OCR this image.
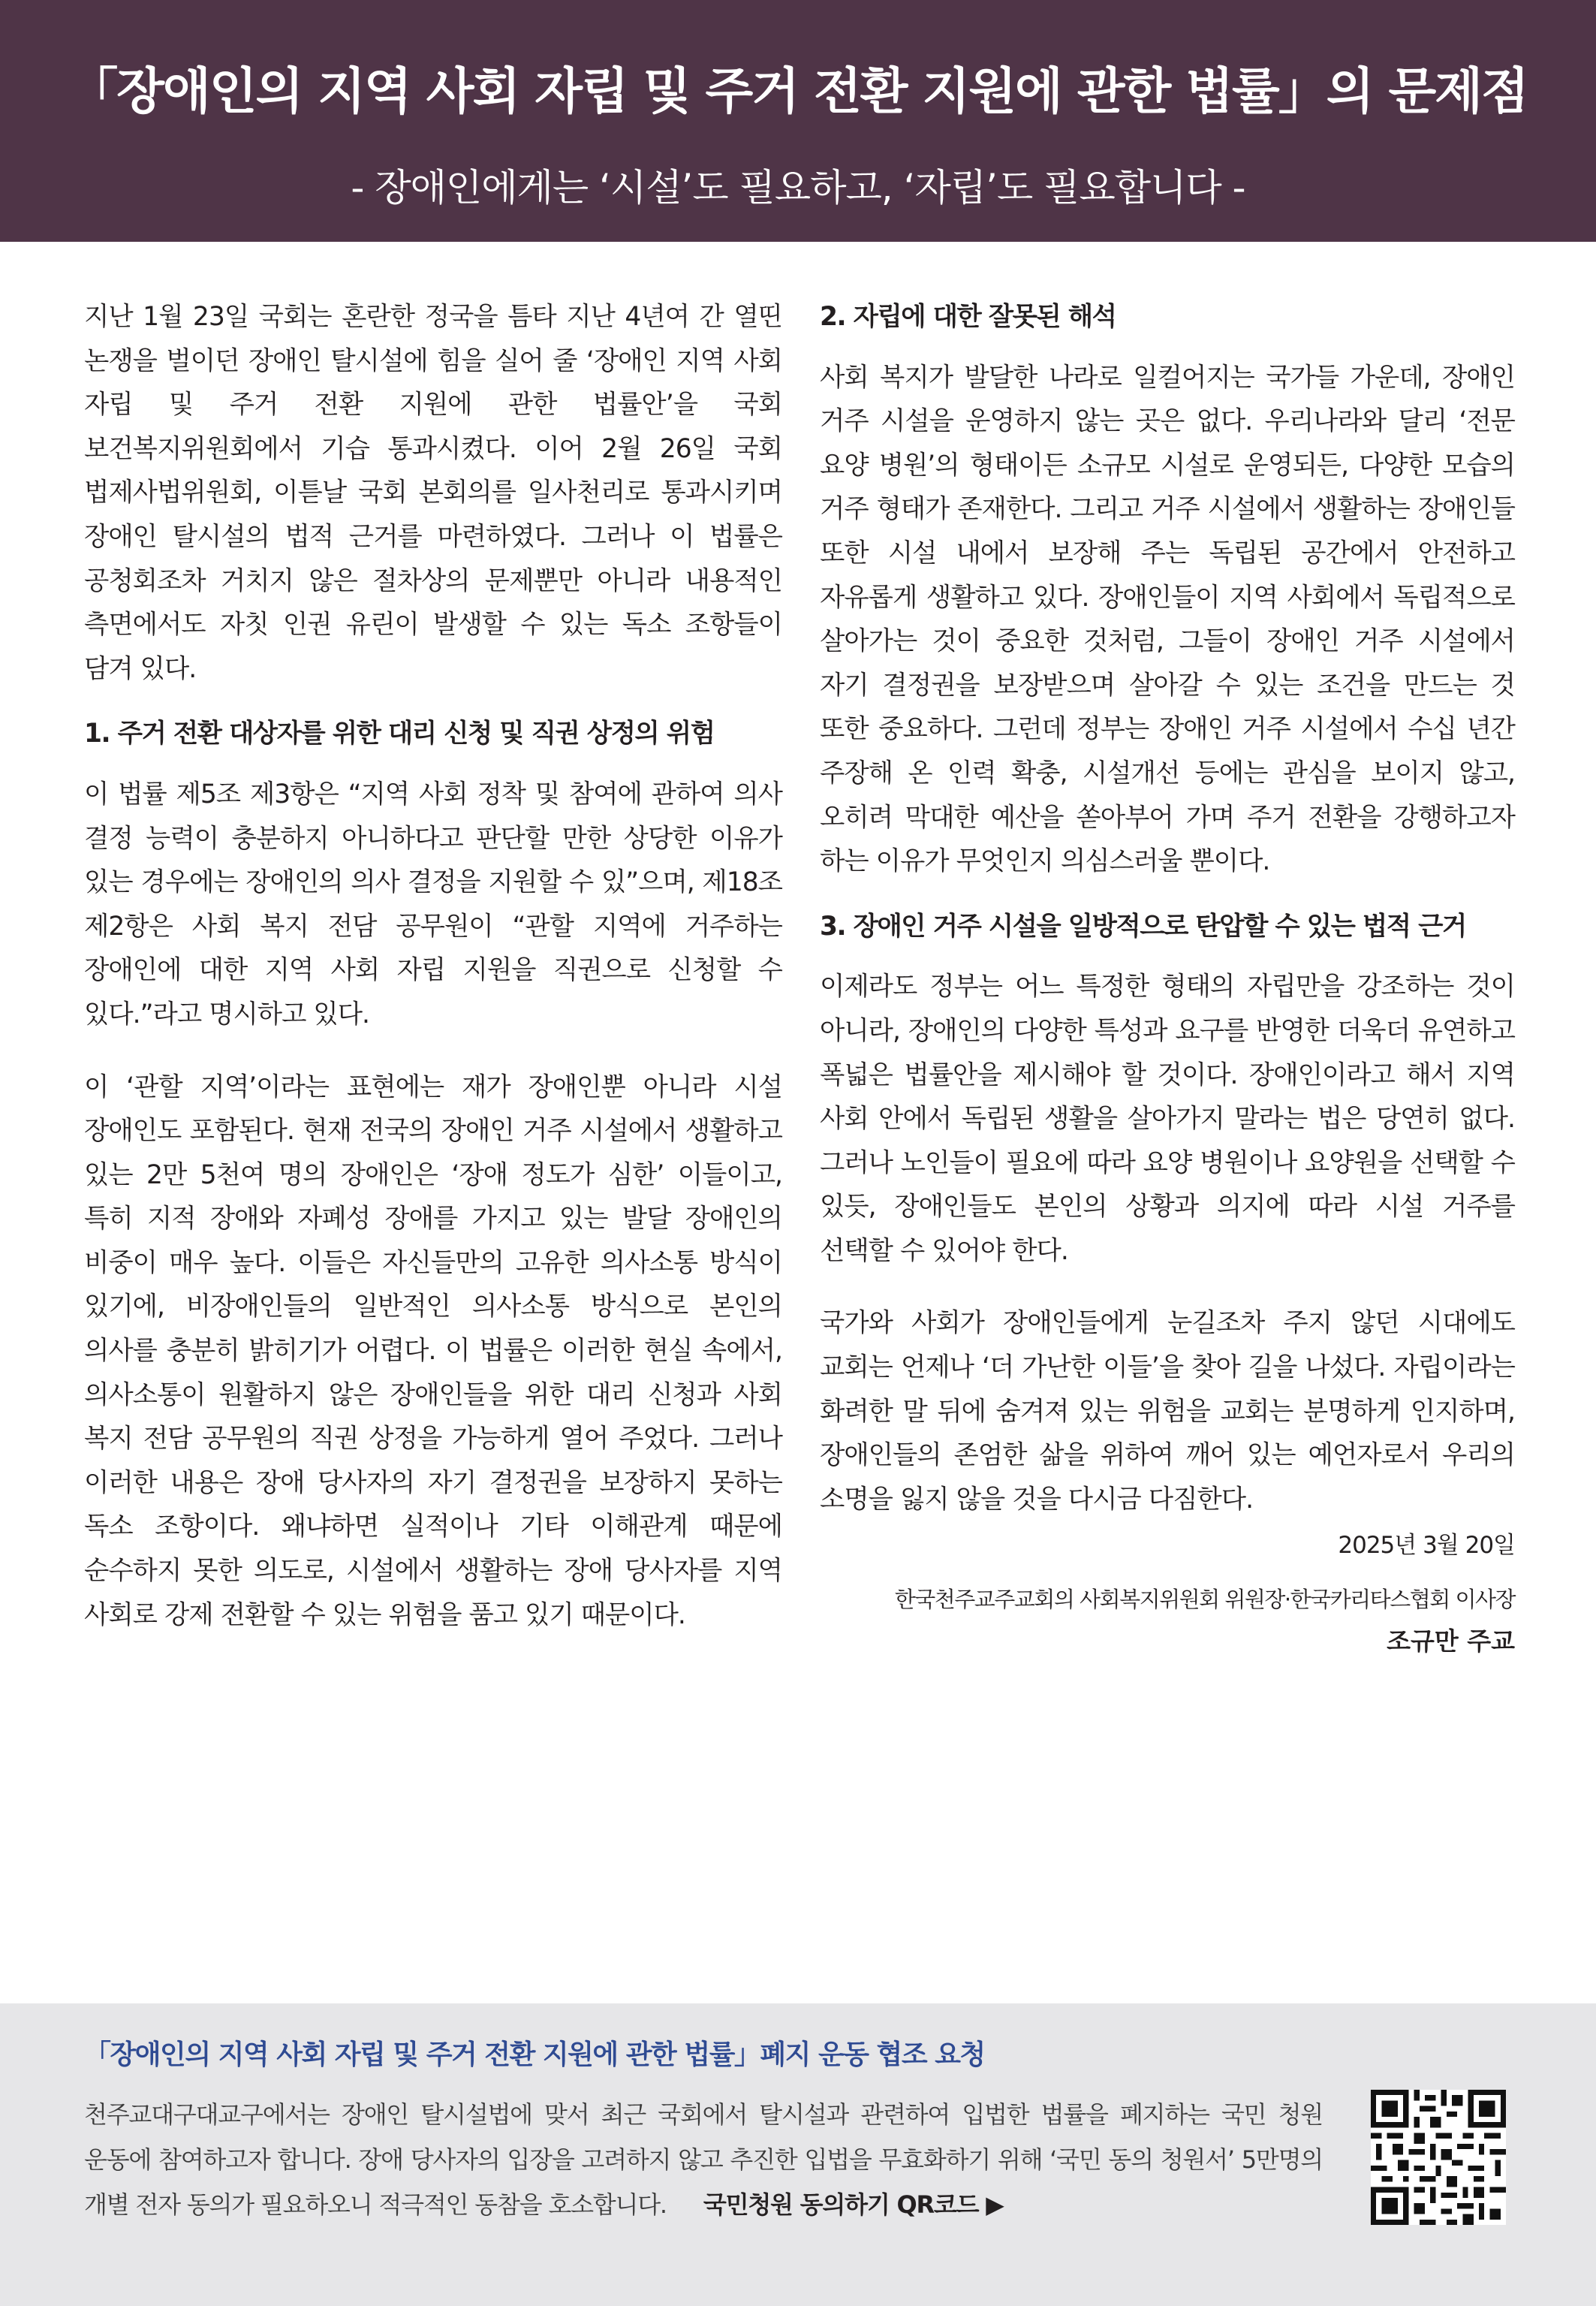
「장애인의 지역 사회 자립 및 주거 전환 지원에 관한 법률」의 문제점
- 장애인에게는 ‘시설’도 필요하고, ‘자립’도 필요합니다 -

지난 1월 23일 국회는 혼란한 정국을 틈타 지난 4년여 간 열띤 논쟁을 벌이던 장애인 탈시설에 힘을 실어 줄 ‘장애인 지역 사회 자립 및 주거 전환 지원에 관한 법률안’을 국회 보건복지위원회에서 기습 통과시켰다. 이어 2월 26일 국회 법제사법위원회, 이튿날 국회 본회의를 일사천리로 통과시키며 장애인 탈시설의 법적 근거를 마련하였다. 그러나 이 법률은 공청회조차 거치지 않은 절차상의 문제뿐만 아니라 내용적인 측면에서도 자칫 인권 유린이 발생할 수 있는 독소 조항들이 담겨 있다.

1. 주거 전환 대상자를 위한 대리 신청 및 직권 상정의 위험

이 법률 제5조 제3항은 “지역 사회 정착 및 참여에 관하여 의사 결정 능력이 충분하지 아니하다고 판단할 만한 상당한 이유가 있는 경우에는 장애인의 의사 결정을 지원할 수 있”으며, 제18조 제2항은 사회 복지 전담 공무원이 “관할 지역에 거주하는 장애인에 대한 지역 사회 자립 지원을 직권으로 신청할 수 있다.”라고 명시하고 있다.

이 ‘관할 지역’이라는 표현에는 재가 장애인뿐 아니라 시설 장애인도 포함된다. 현재 전국의 장애인 거주 시설에서 생활하고 있는 2만 5천여 명의 장애인은 ‘장애 정도가 심한’ 이들이고, 특히 지적 장애와 자폐성 장애를 가지고 있는 발달 장애인의 비중이 매우 높다. 이들은 자신들만의 고유한 의사소통 방식이 있기에, 비장애인들의 일반적인 의사소통 방식으로 본인의 의사를 충분히 밝히기가 어렵다. 이 법률은 이러한 현실 속에서, 의사소통이 원활하지 않은 장애인들을 위한 대리 신청과 사회 복지 전담 공무원의 직권 상정을 가능하게 열어 주었다. 그러나 이러한 내용은 장애 당사자의 자기 결정권을 보장하지 못하는 독소 조항이다. 왜냐하면 실적이나 기타 이해관계 때문에 순수하지 못한 의도로, 시설에서 생활하는 장애 당사자를 지역 사회로 강제 전환할 수 있는 위험을 품고 있기 때문이다.

2. 자립에 대한 잘못된 해석

사회 복지가 발달한 나라로 일컬어지는 국가들 가운데, 장애인 거주 시설을 운영하지 않는 곳은 없다. 우리나라와 달리 ‘전문 요양 병원’의 형태이든 소규모 시설로 운영되든, 다양한 모습의 거주 형태가 존재한다. 그리고 거주 시설에서 생활하는 장애인들 또한 시설 내에서 보장해 주는 독립된 공간에서 안전하고 자유롭게 생활하고 있다. 장애인들이 지역 사회에서 독립적으로 살아가는 것이 중요한 것처럼, 그들이 장애인 거주 시설에서 자기 결정권을 보장받으며 살아갈 수 있는 조건을 만드는 것 또한 중요하다. 그런데 정부는 장애인 거주 시설에서 수십 년간 주장해 온 인력 확충, 시설개선 등에는 관심을 보이지 않고, 오히려 막대한 예산을 쏟아부어 가며 주거 전환을 강행하고자 하는 이유가 무엇인지 의심스러울 뿐이다.

3. 장애인 거주 시설을 일방적으로 탄압할 수 있는 법적 근거

이제라도 정부는 어느 특정한 형태의 자립만을 강조하는 것이 아니라, 장애인의 다양한 특성과 요구를 반영한 더욱더 유연하고 폭넓은 법률안을 제시해야 할 것이다. 장애인이라고 해서 지역 사회 안에서 독립된 생활을 살아가지 말라는 법은 당연히 없다. 그러나 노인들이 필요에 따라 요양 병원이나 요양원을 선택할 수 있듯, 장애인들도 본인의 상황과 의지에 따라 시설 거주를 선택할 수 있어야 한다.

국가와 사회가 장애인들에게 눈길조차 주지 않던 시대에도 교회는 언제나 ‘더 가난한 이들’을 찾아 길을 나섰다. 자립이라는 화려한 말 뒤에 숨겨져 있는 위험을 교회는 분명하게 인지하며, 장애인들의 존엄한 삶을 위하여 깨어 있는 예언자로서 우리의 소명을 잃지 않을 것을 다시금 다짐한다.

2025년 3월 20일

한국천주교주교회의 사회복지위원회 위원장·한국카리타스협회 이사장

조규만 주교

「장애인의 지역 사회 자립 및 주거 전환 지원에 관한 법률」폐지 운동 협조 요청
천주교대구대교구에서는 장애인 탈시설법에 맞서 최근 국회에서 탈시설과 관련하여 입법한 법률을 폐지하는 국민 청원 운동에 참여하고자 합니다. 장애 당사자의 입장을 고려하지 않고 추진한 입법을 무효화하기 위해 ‘국민 동의 청원서’ 5만명의 개별 전자 동의가 필요하오니 적극적인 동참을 호소합니다. 국민청원 동의하기 QR코드 ▶
